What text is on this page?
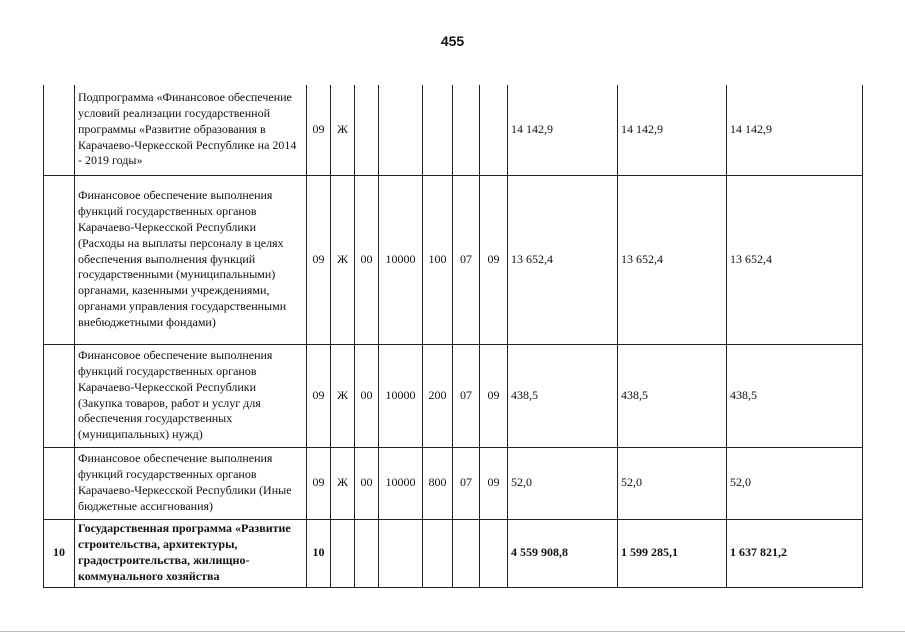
455
	Подпрограмма «Финансовое обеспечение условий реализации государственной программы «Развитие образования в Карачаево-Черкесской Республике на 2014 - 2019 годы»	09	Ж						14 142,9	14 142,9	14 142,9
	Финансовое обеспечение выполнения функций государственных органов Карачаево-Черкесской Республики (Расходы на выплаты персоналу в целях обеспечения выполнения функций государственными (муниципальными) органами, казенными учреждениями, органами управления государственными внебюджетными фондами)	09	Ж	00	10000	100	07	09	13 652,4	13 652,4	13 652,4
	Финансовое обеспечение выполнения функций государственных органов Карачаево-Черкесской Республики (Закупка товаров, работ и услуг для обеспечения государственных (муниципальных) нужд)	09	Ж	00	10000	200	07	09	438,5	438,5	438,5
	Финансовое обеспечение выполнения функций государственных органов Карачаево-Черкесской Республики (Иные бюджетные ассигнования)	09	Ж	00	10000	800	07	09	52,0	52,0	52,0
10	Государственная программа «Развитие строительства, архитектуры, градостроительства, жилищно-коммунального хозяйства	10							4 559 908,8	1 599 285,1	1 637 821,2
